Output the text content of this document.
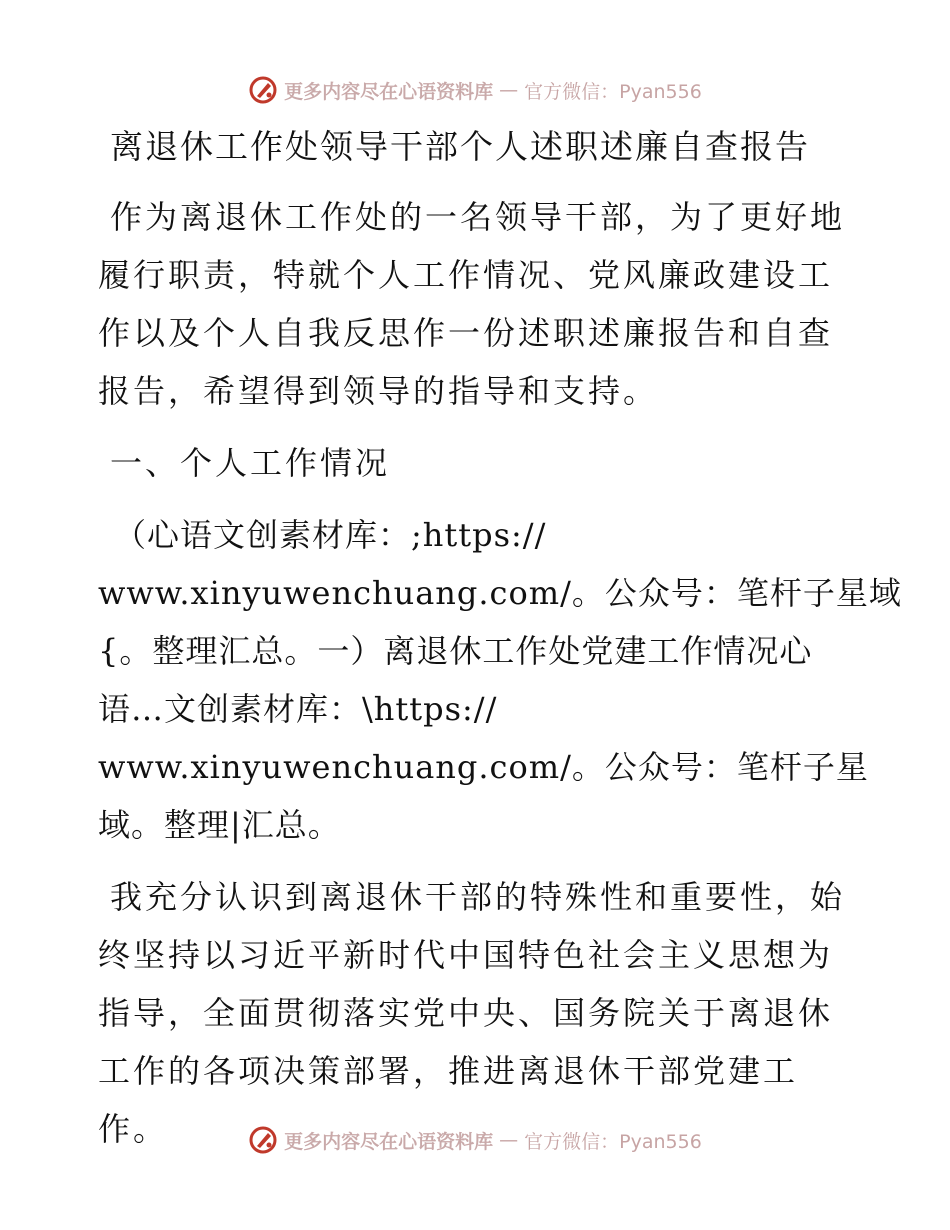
更多内容尽在心语资料库 — 官方微信：Pyan556
离退休工作处领导干部个人述职述廉自查报告

作为离退休工作处的一名领导干部，为了更好地履行职责，特就个人工作情况、党风廉政建设工作以及个人自我反思作一份述职述廉报告和自查报告，希望得到领导的指导和支持。

一、个人工作情况
（心语文创素材库：;https://
www.xinyuwenchuang.com/。公众号：笔杆子星域
{。整理汇总。一）离退休工作处党建工作情况心
语…文创素材库：\https://
www.xinyuwenchuang.com/。公众号：笔杆子星
域。整理|汇总。

我充分认识到离退休干部的特殊性和重要性，始终坚持以习近平新时代中国特色社会主义思想为指导，全面贯彻落实党中央、国务院关于离退休工作的各项决策部署，推进离退休干部党建工作。	更多内容尽在心语资料库 — 官方微信：Pyan556
